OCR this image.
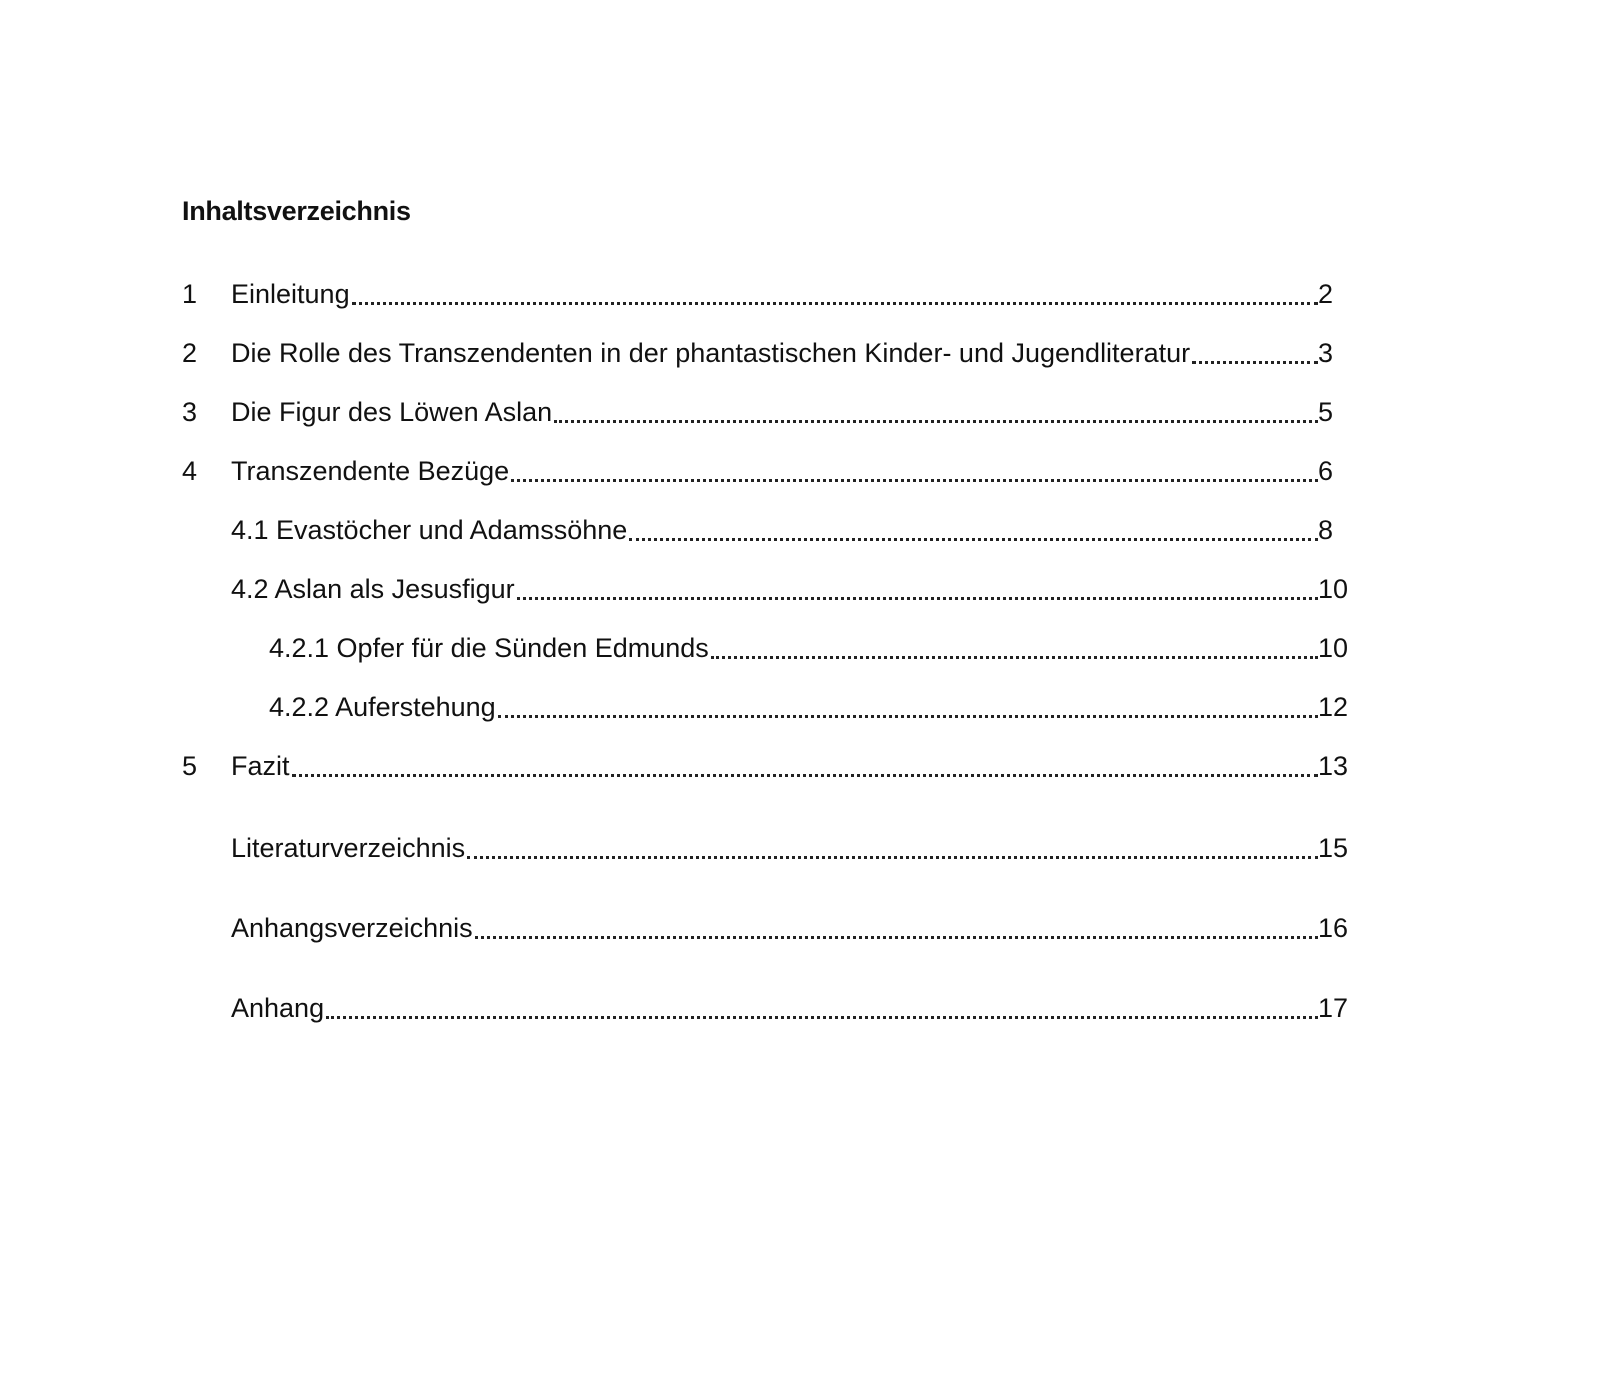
Inhaltsverzeichnis
1 Einleitung	2
2 Die Rolle des Transzendenten in der phantastischen Kinder- und Jugendliteratur	3
3 Die Figur des Löwen Aslan	5
4 Transzendente Bezüge	6
4.1 Evastöcher und Adamssöhne	8
4.2 Aslan als Jesusfigur	10
4.2.1 Opfer für die Sünden Edmunds	10
4.2.2 Auferstehung	12
5 Fazit	13
Literaturverzeichnis	15
Anhangsverzeichnis	16
Anhang	17
